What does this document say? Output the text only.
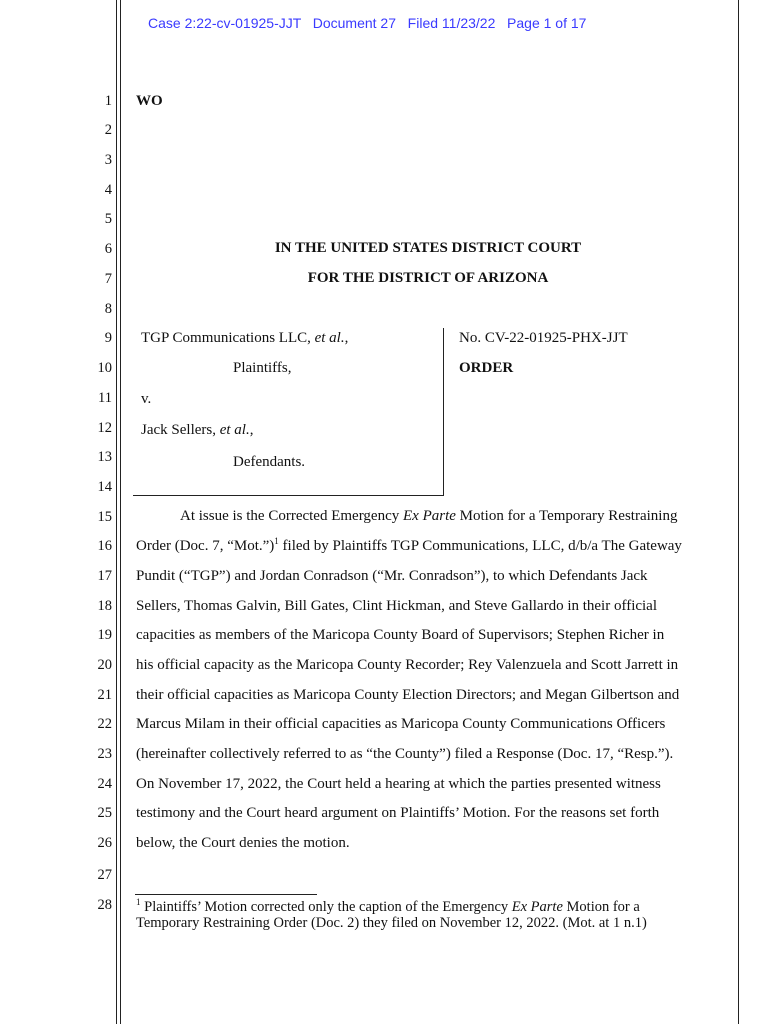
Case 2:22-cv-01925-JJT Document 27 Filed 11/23/22 Page 1 of 17
1
2
3
4
5
6
7
8
9
10
11
12
13
14
15
16
17
18
19
20
21
22
23
24
25
26
27
28
WO
IN THE UNITED STATES DISTRICT COURT
FOR THE DISTRICT OF ARIZONA
TGP Communications LLC, et al.,
Plaintiffs,
v.
Jack Sellers, et al.,
Defendants.
No. CV-22-01925-PHX-JJT
ORDER
At issue is the Corrected Emergency Ex Parte Motion for a Temporary Restraining
Order (Doc. 7, “Mot.”)$^1$ filed by Plaintiffs TGP Communications, LLC, d/b/a The Gateway
Pundit (“TGP”) and Jordan Conradson (“Mr. Conradson”), to which Defendants Jack
Sellers, Thomas Galvin, Bill Gates, Clint Hickman, and Steve Gallardo in their official
capacities as members of the Maricopa County Board of Supervisors; Stephen Richer in
his official capacity as the Maricopa County Recorder; Rey Valenzuela and Scott Jarrett in
their official capacities as Maricopa County Election Directors; and Megan Gilbertson and
Marcus Milam in their official capacities as Maricopa County Communications Officers
(hereinafter collectively referred to as “the County”) filed a Response (Doc. 17, “Resp.”).
On November 17, 2022, the Court held a hearing at which the parties presented witness
testimony and the Court heard argument on Plaintiffs’ Motion. For the reasons set forth
below, the Court denies the motion.
$^1$ Plaintiffs’ Motion corrected only the caption of the Emergency Ex Parte Motion for a
Temporary Restraining Order (Doc. 2) they filed on November 12, 2022. (Mot. at 1 n.1)
